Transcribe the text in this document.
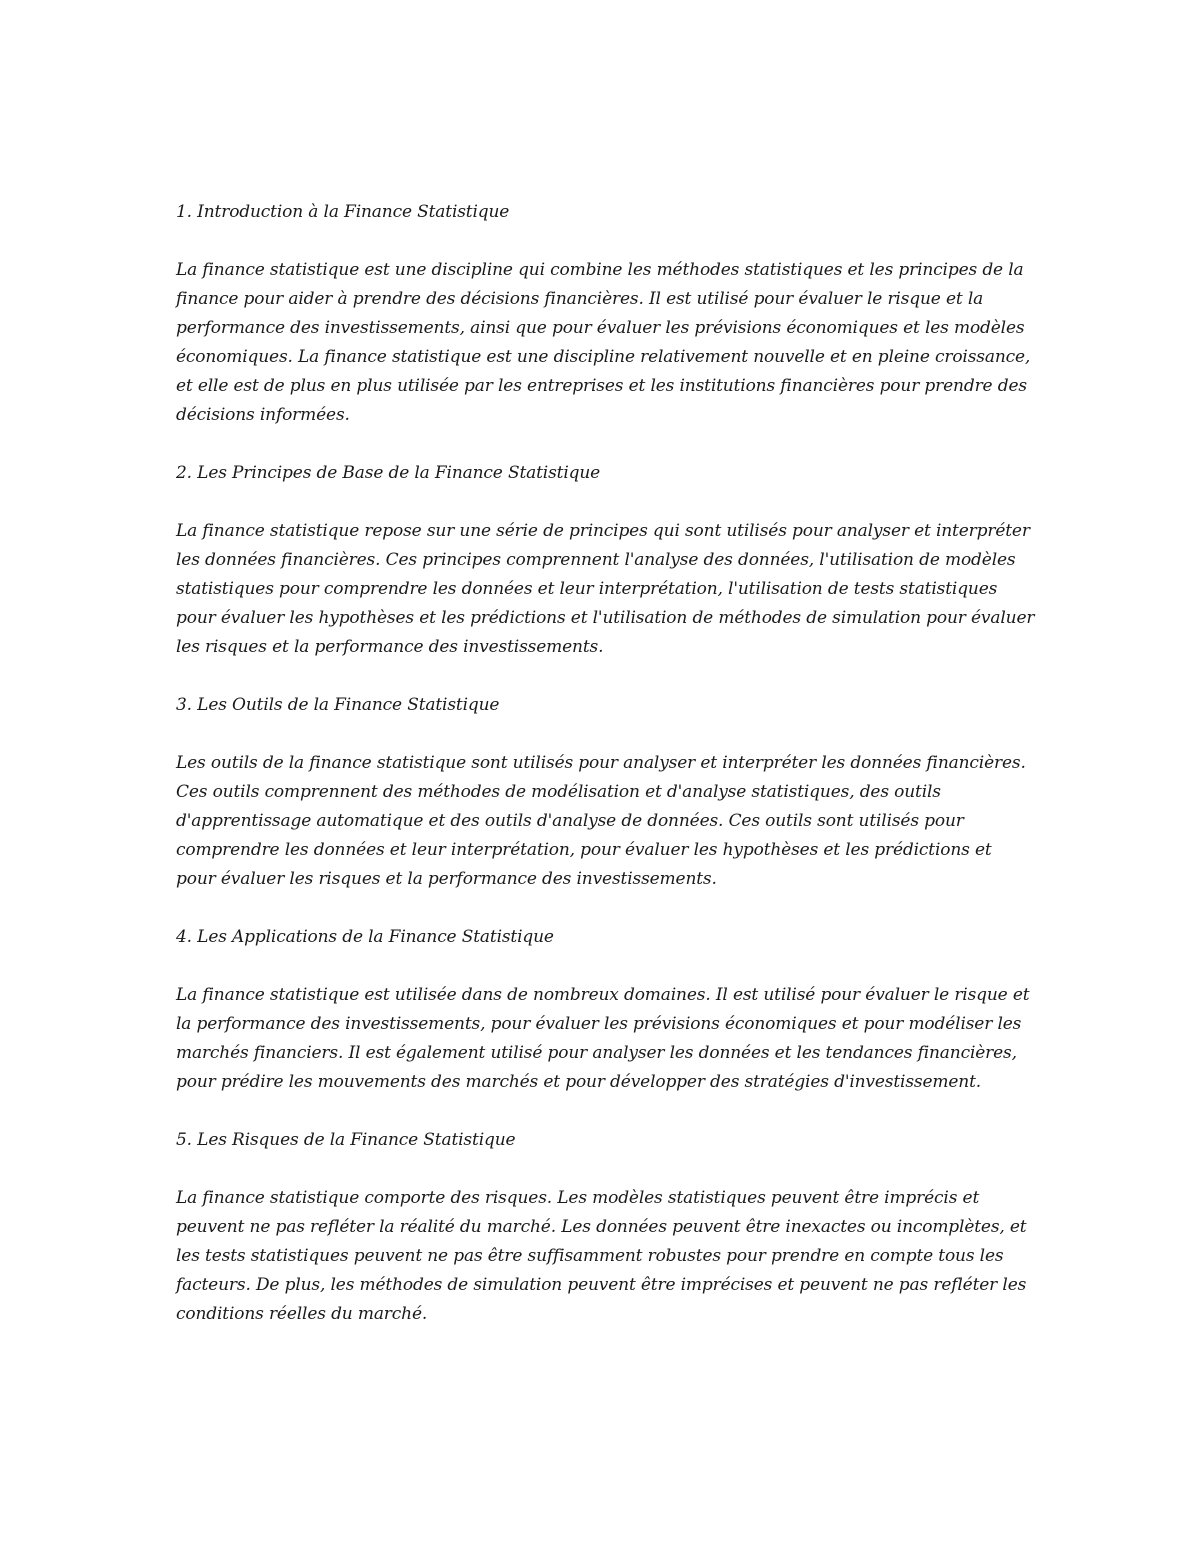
1. Introduction à la Finance Statistique

La finance statistique est une discipline qui combine les méthodes statistiques et les principes de la finance pour aider à prendre des décisions financières. Il est utilisé pour évaluer le risque et la performance des investissements, ainsi que pour évaluer les prévisions économiques et les modèles économiques. La finance statistique est une discipline relativement nouvelle et en pleine croissance, et elle est de plus en plus utilisée par les entreprises et les institutions financières pour prendre des décisions informées.

2. Les Principes de Base de la Finance Statistique

La finance statistique repose sur une série de principes qui sont utilisés pour analyser et interpréter les données financières. Ces principes comprennent l'analyse des données, l'utilisation de modèles statistiques pour comprendre les données et leur interprétation, l'utilisation de tests statistiques pour évaluer les hypothèses et les prédictions et l'utilisation de méthodes de simulation pour évaluer les risques et la performance des investissements.

3. Les Outils de la Finance Statistique

Les outils de la finance statistique sont utilisés pour analyser et interpréter les données financières. Ces outils comprennent des méthodes de modélisation et d'analyse statistiques, des outils d'apprentissage automatique et des outils d'analyse de données. Ces outils sont utilisés pour comprendre les données et leur interprétation, pour évaluer les hypothèses et les prédictions et pour évaluer les risques et la performance des investissements.

4. Les Applications de la Finance Statistique

La finance statistique est utilisée dans de nombreux domaines. Il est utilisé pour évaluer le risque et la performance des investissements, pour évaluer les prévisions économiques et pour modéliser les marchés financiers. Il est également utilisé pour analyser les données et les tendances financières, pour prédire les mouvements des marchés et pour développer des stratégies d'investissement.

5. Les Risques de la Finance Statistique

La finance statistique comporte des risques. Les modèles statistiques peuvent être imprécis et peuvent ne pas refléter la réalité du marché. Les données peuvent être inexactes ou incomplètes, et les tests statistiques peuvent ne pas être suffisamment robustes pour prendre en compte tous les facteurs. De plus, les méthodes de simulation peuvent être imprécises et peuvent ne pas refléter les conditions réelles du marché.
